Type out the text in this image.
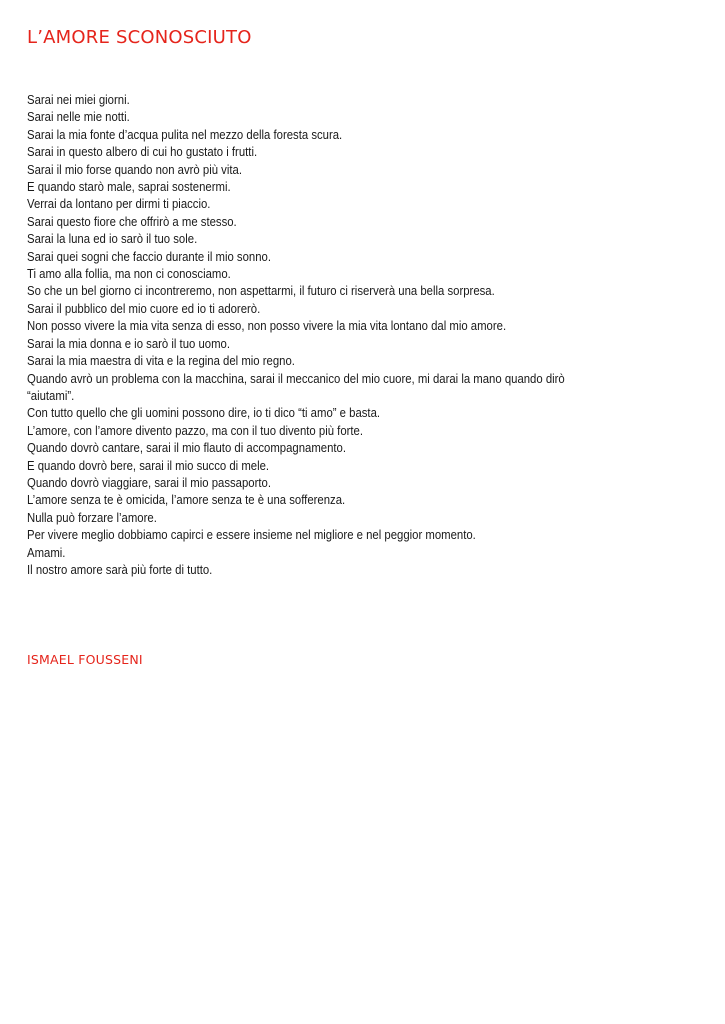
L’AMORE SCONOSCIUTO
Sarai nei miei giorni.
Sarai nelle mie notti.
Sarai la mia fonte d’acqua pulita nel mezzo della foresta scura.
Sarai in questo albero di cui ho gustato i frutti.
Sarai il mio forse quando non avrò più vita.
E quando starò male, saprai sostenermi.
Verrai da lontano per dirmi ti piaccio.
Sarai questo fiore che offrirò a me stesso.
Sarai la luna ed io sarò il tuo sole.
Sarai quei sogni che faccio durante il mio sonno.
Ti amo alla follia, ma non ci conosciamo.
So che un bel giorno ci incontreremo, non aspettarmi, il futuro ci riserverà una bella sorpresa.
Sarai il pubblico del mio cuore ed io ti adorerò.
Non posso vivere la mia vita senza di esso, non posso vivere la mia vita lontano dal mio amore.
Sarai la mia donna e io sarò il tuo uomo.
Sarai la mia maestra di vita e la regina del mio regno.
Quando avrò un problema con la macchina, sarai il meccanico del mio cuore, mi darai la mano quando dirò
“aiutami”.
Con tutto quello che gli uomini possono dire, io ti dico “ti amo” e basta.
L’amore, con l’amore divento pazzo, ma con il tuo divento più forte.
Quando dovrò cantare, sarai il mio flauto di accompagnamento.
E quando dovrò bere, sarai il mio succo di mele.
Quando dovrò viaggiare, sarai il mio passaporto.
L’amore senza te è omicida, l’amore senza te è una sofferenza.
Nulla può forzare l’amore.
Per vivere meglio dobbiamo capirci e essere insieme nel migliore e nel peggior momento.
Amami.
Il nostro amore sarà più forte di tutto.

ISMAEL FOUSSENI
